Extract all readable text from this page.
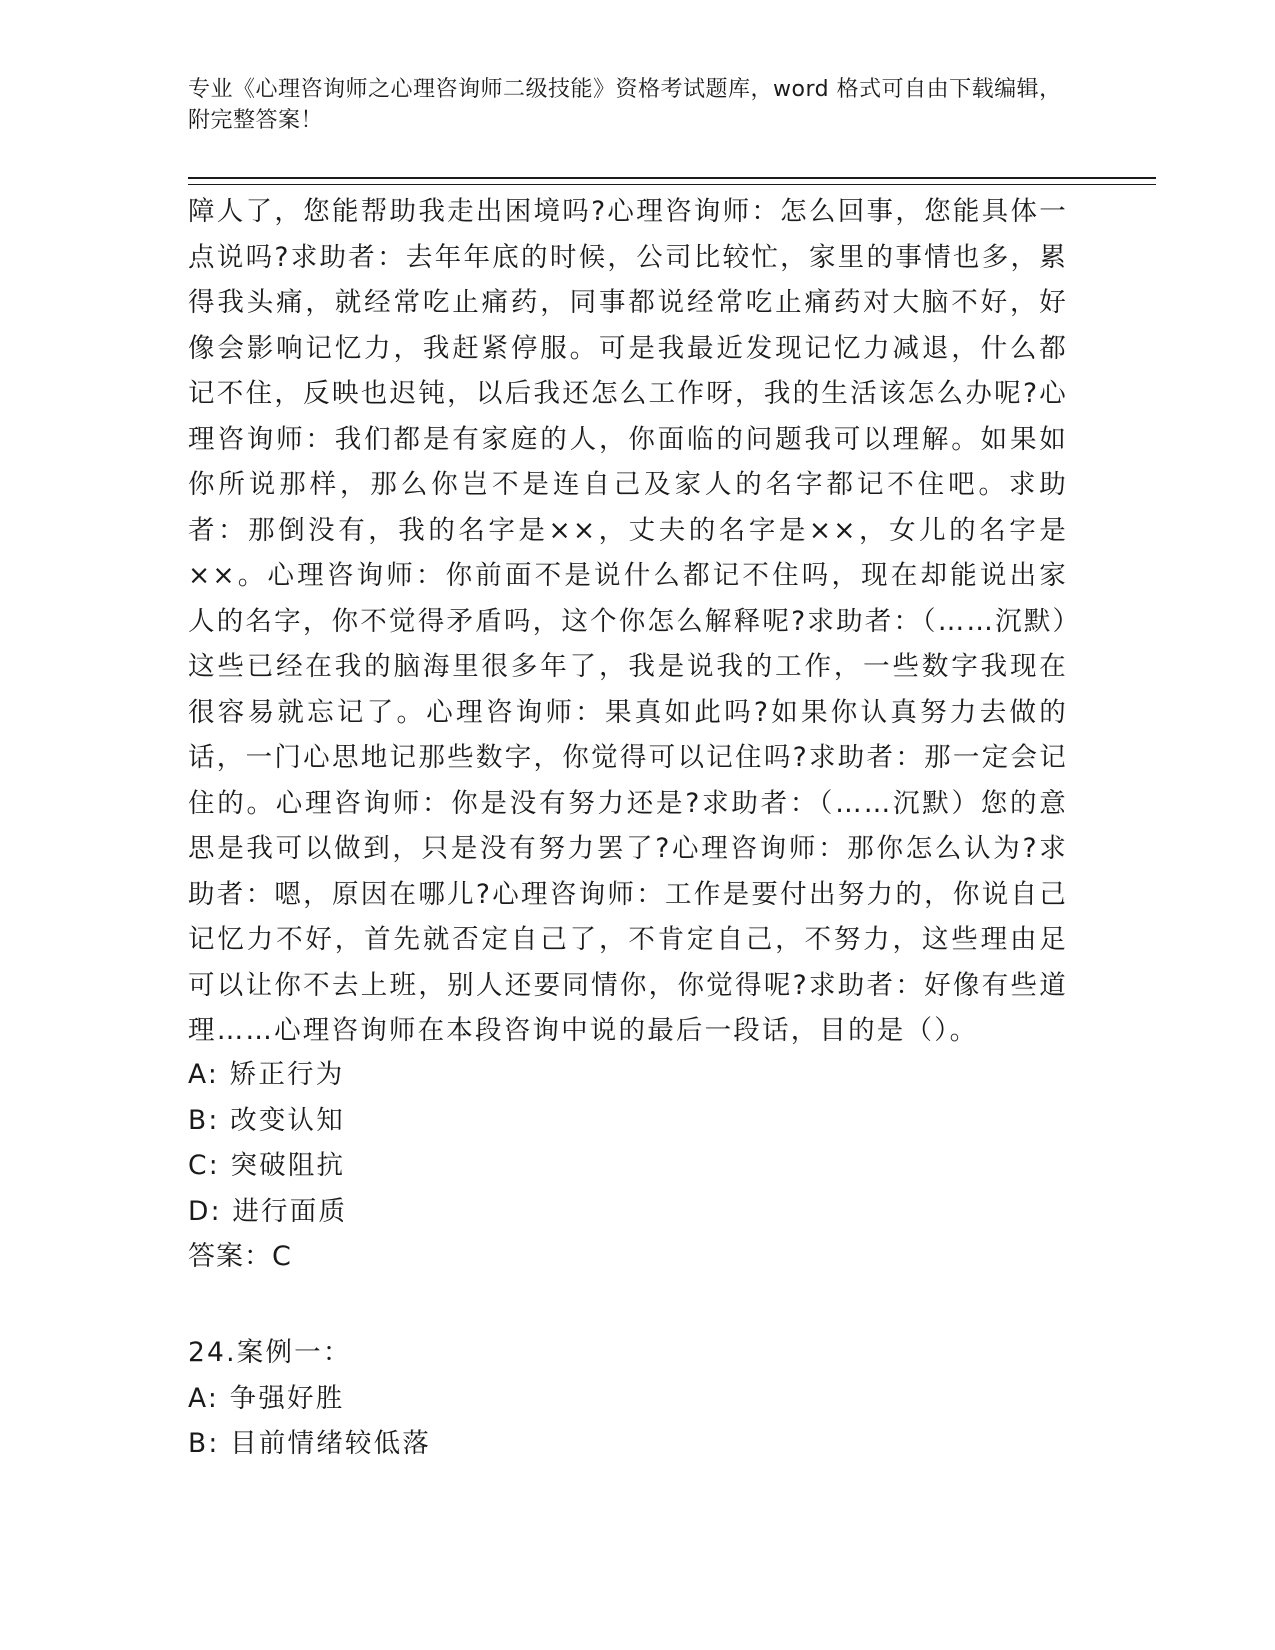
专业《心理咨询师之心理咨询师二级技能》资格考试题库，word 格式可自由下载编辑，附完整答案！
障人了，您能帮助我走出困境吗?心理咨询师：怎么回事，您能具体一点说吗?求助者：去年年底的时候，公司比较忙，家里的事情也多，累得我头痛，就经常吃止痛药，同事都说经常吃止痛药对大脑不好，好像会影响记忆力，我赶紧停服。可是我最近发现记忆力减退，什么都记不住，反映也迟钝，以后我还怎么工作呀，我的生活该怎么办呢?心理咨询师：我们都是有家庭的人，你面临的问题我可以理解。如果如你所说那样，那么你岂不是连自己及家人的名字都记不住吧。求助者：那倒没有，我的名字是××，丈夫的名字是××，女儿的名字是××。心理咨询师：你前面不是说什么都记不住吗，现在却能说出家人的名字，你不觉得矛盾吗，这个你怎么解释呢?求助者：（……沉默）这些已经在我的脑海里很多年了，我是说我的工作，一些数字我现在很容易就忘记了。心理咨询师：果真如此吗?如果你认真努力去做的话，一门心思地记那些数字，你觉得可以记住吗?求助者：那一定会记住的。心理咨询师：你是没有努力还是?求助者：（……沉默）您的意思是我可以做到，只是没有努力罢了?心理咨询师：那你怎么认为?求助者：嗯，原因在哪儿?心理咨询师：工作是要付出努力的，你说自己记忆力不好，首先就否定自己了，不肯定自己，不努力，这些理由足可以让你不去上班，别人还要同情你，你觉得呢?求助者：好像有些道理……心理咨询师在本段咨询中说的最后一段话，目的是（）。
A: 矫正行为
B: 改变认知
C: 突破阻抗
D: 进行面质
答案：C
24.案例一：
A: 争强好胜
B: 目前情绪较低落
